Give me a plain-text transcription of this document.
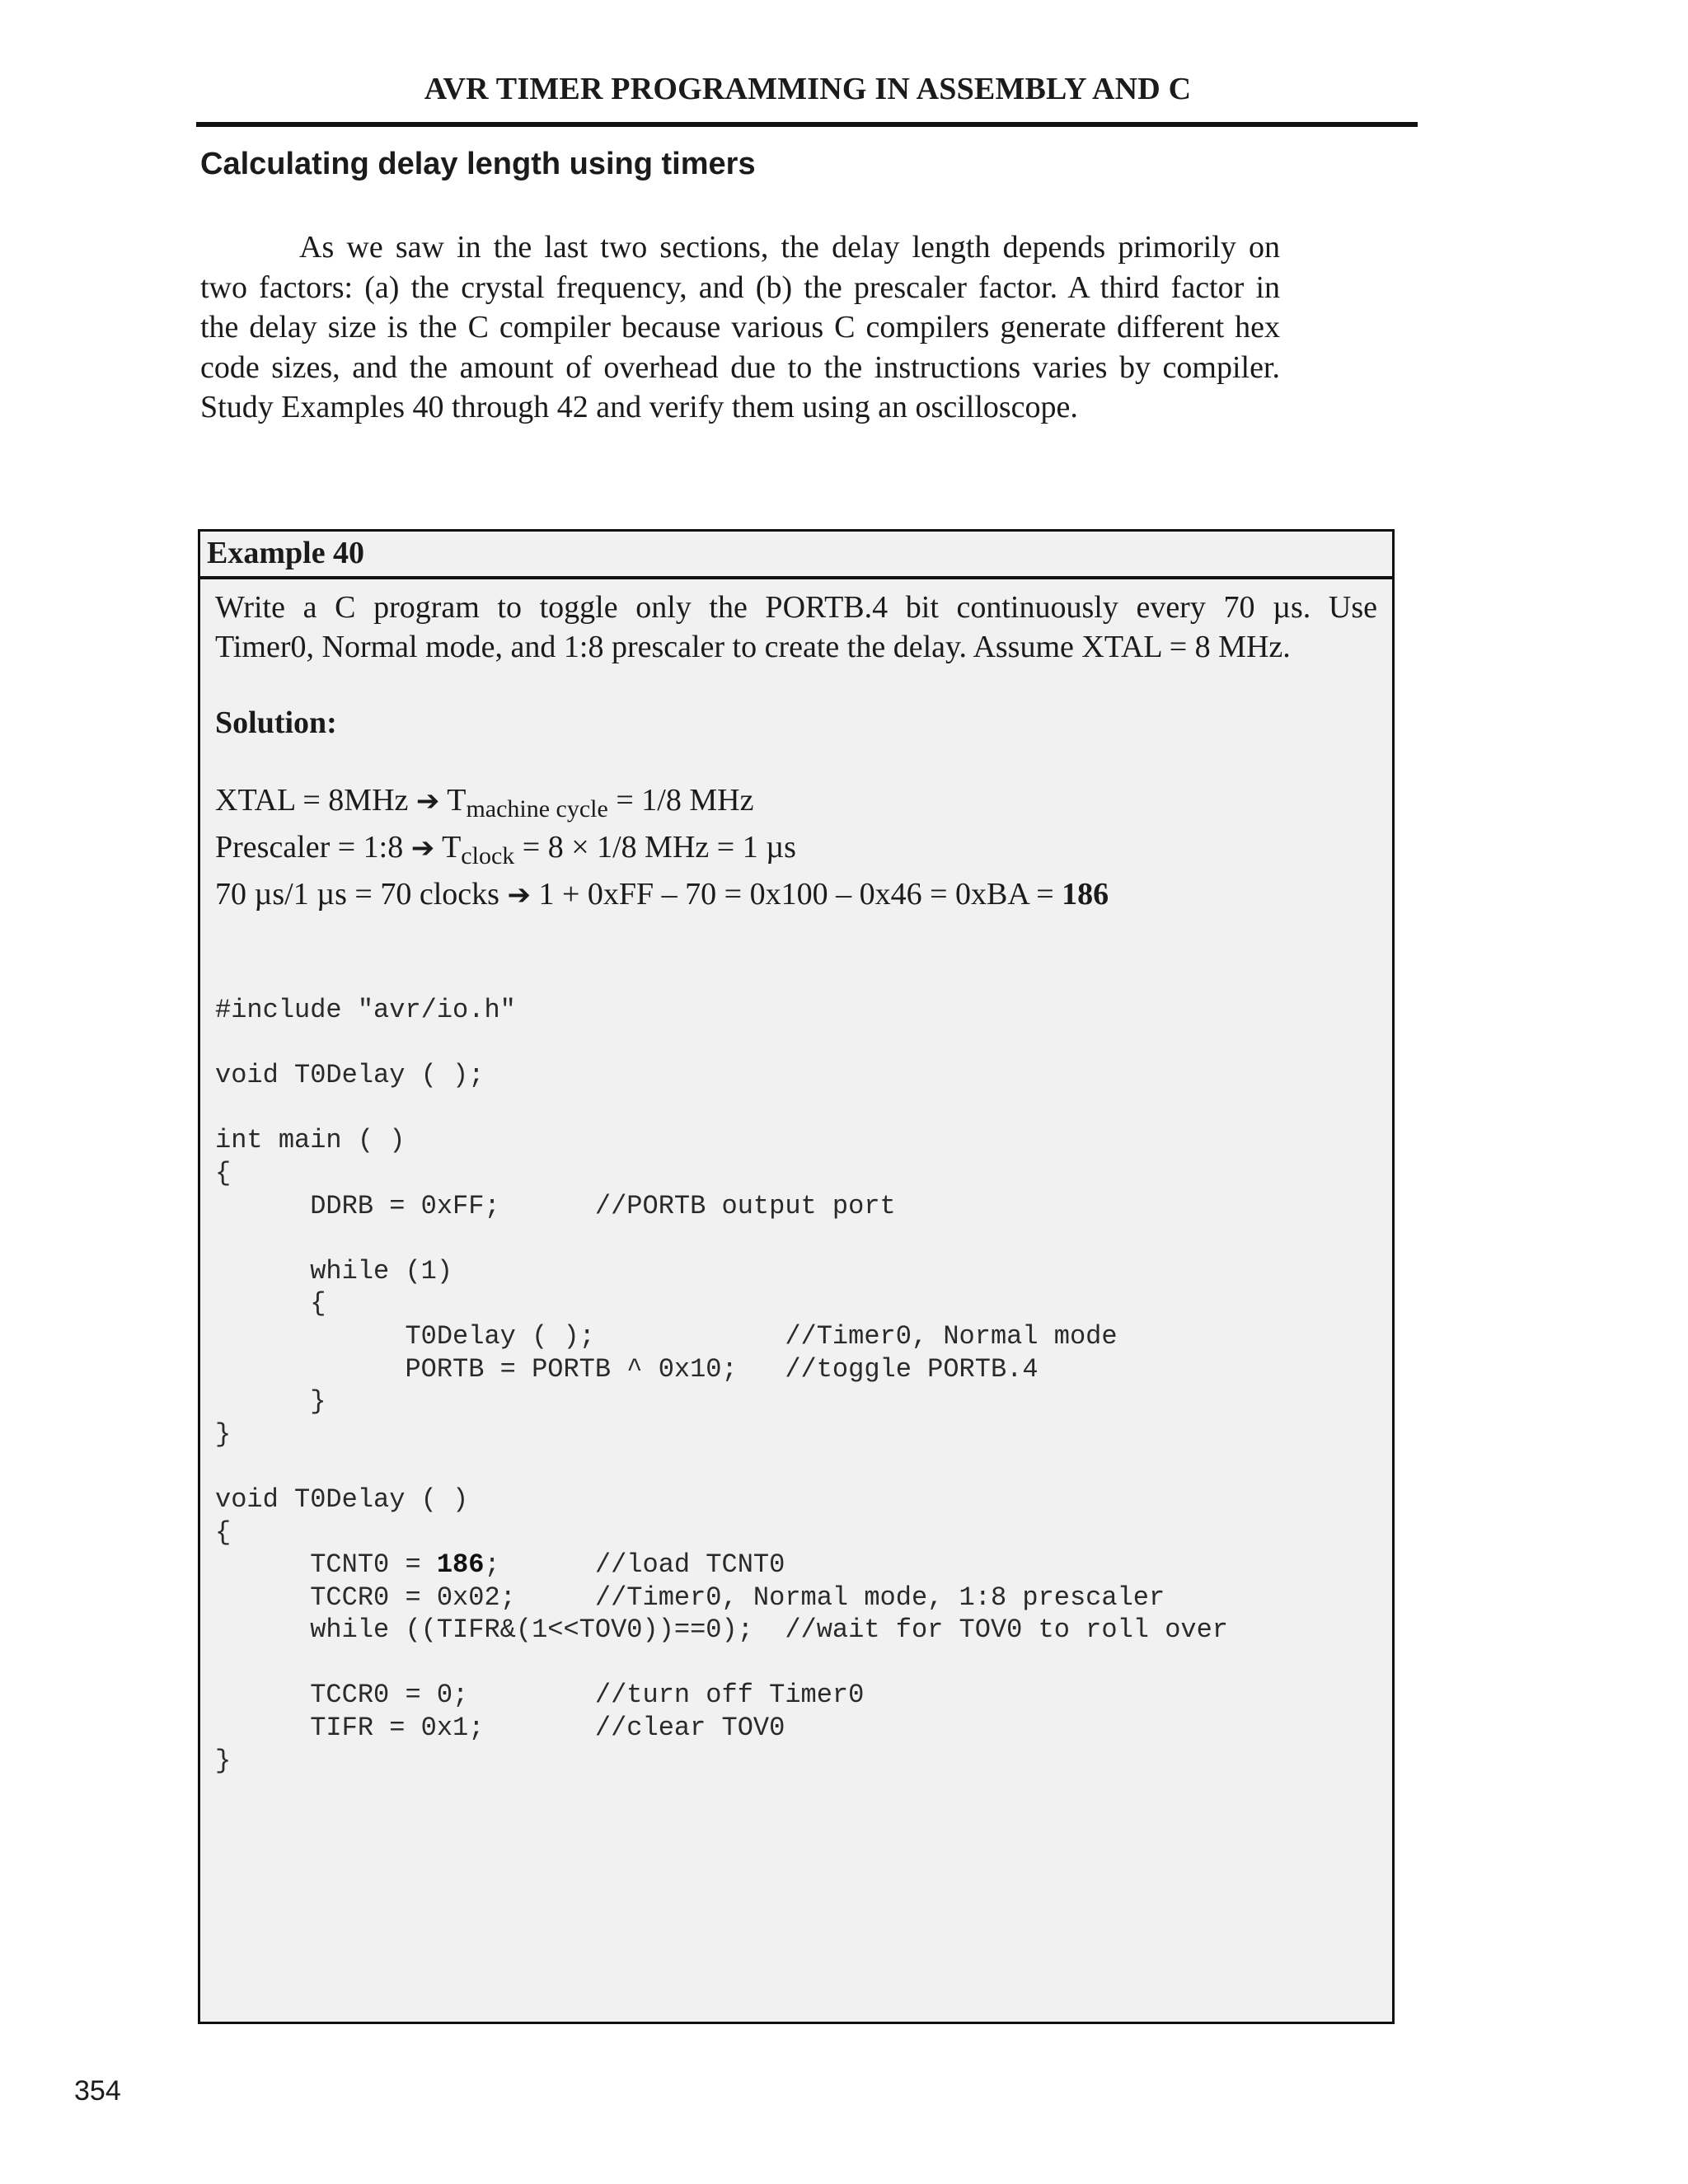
AVR TIMER PROGRAMMING IN ASSEMBLY AND C
Calculating delay length using timers

As we saw in the last two sections, the delay length depends primorily on
two factors: (a) the crystal frequency, and (b) the prescaler factor. A third factor in
the delay size is the C compiler because various C compilers generate different hex
code sizes, and the amount of overhead due to the instructions varies by compiler.
Study Examples 40 through 42 and verify them using an oscilloscope.

Example 40

Write a C program to toggle only the PORTB.4 bit continuously every 70 µs. Use
Timer0, Normal mode, and 1:8 prescaler to create the delay. Assume XTAL = 8 MHz.

Solution:
XTAL = 8MHz ➔ $T_{machine cycle} = 1/8$ MHz
Prescaler = 1:8 ➔ $T_{clock} = 8 \times 1/8$ MHz = 1 µs
70 µs/1 µs = 70 clocks ➔ 1 + 0xFF – 70 = 0x100 – 0x46 = 0xBA = 186
#include "avr/io.h"

void T0Delay ( );

int main ( )
{
DDRB = 0xFF;      //PORTB output port

while (1)
{
T0Delay ( );            //Timer0, Normal mode
PORTB = PORTB ^ 0x10;   //toggle PORTB.4
}
}

void T0Delay ( )
{
TCNT0 = 186;      //load TCNT0
TCCR0 = 0x02;     //Timer0, Normal mode, 1:8 prescaler
while ((TIFR&(1<<TOV0))==0);  //wait for TOV0 to roll over

TCCR0 = 0;        //turn off Timer0
TIFR = 0x1;       //clear TOV0
}
354
